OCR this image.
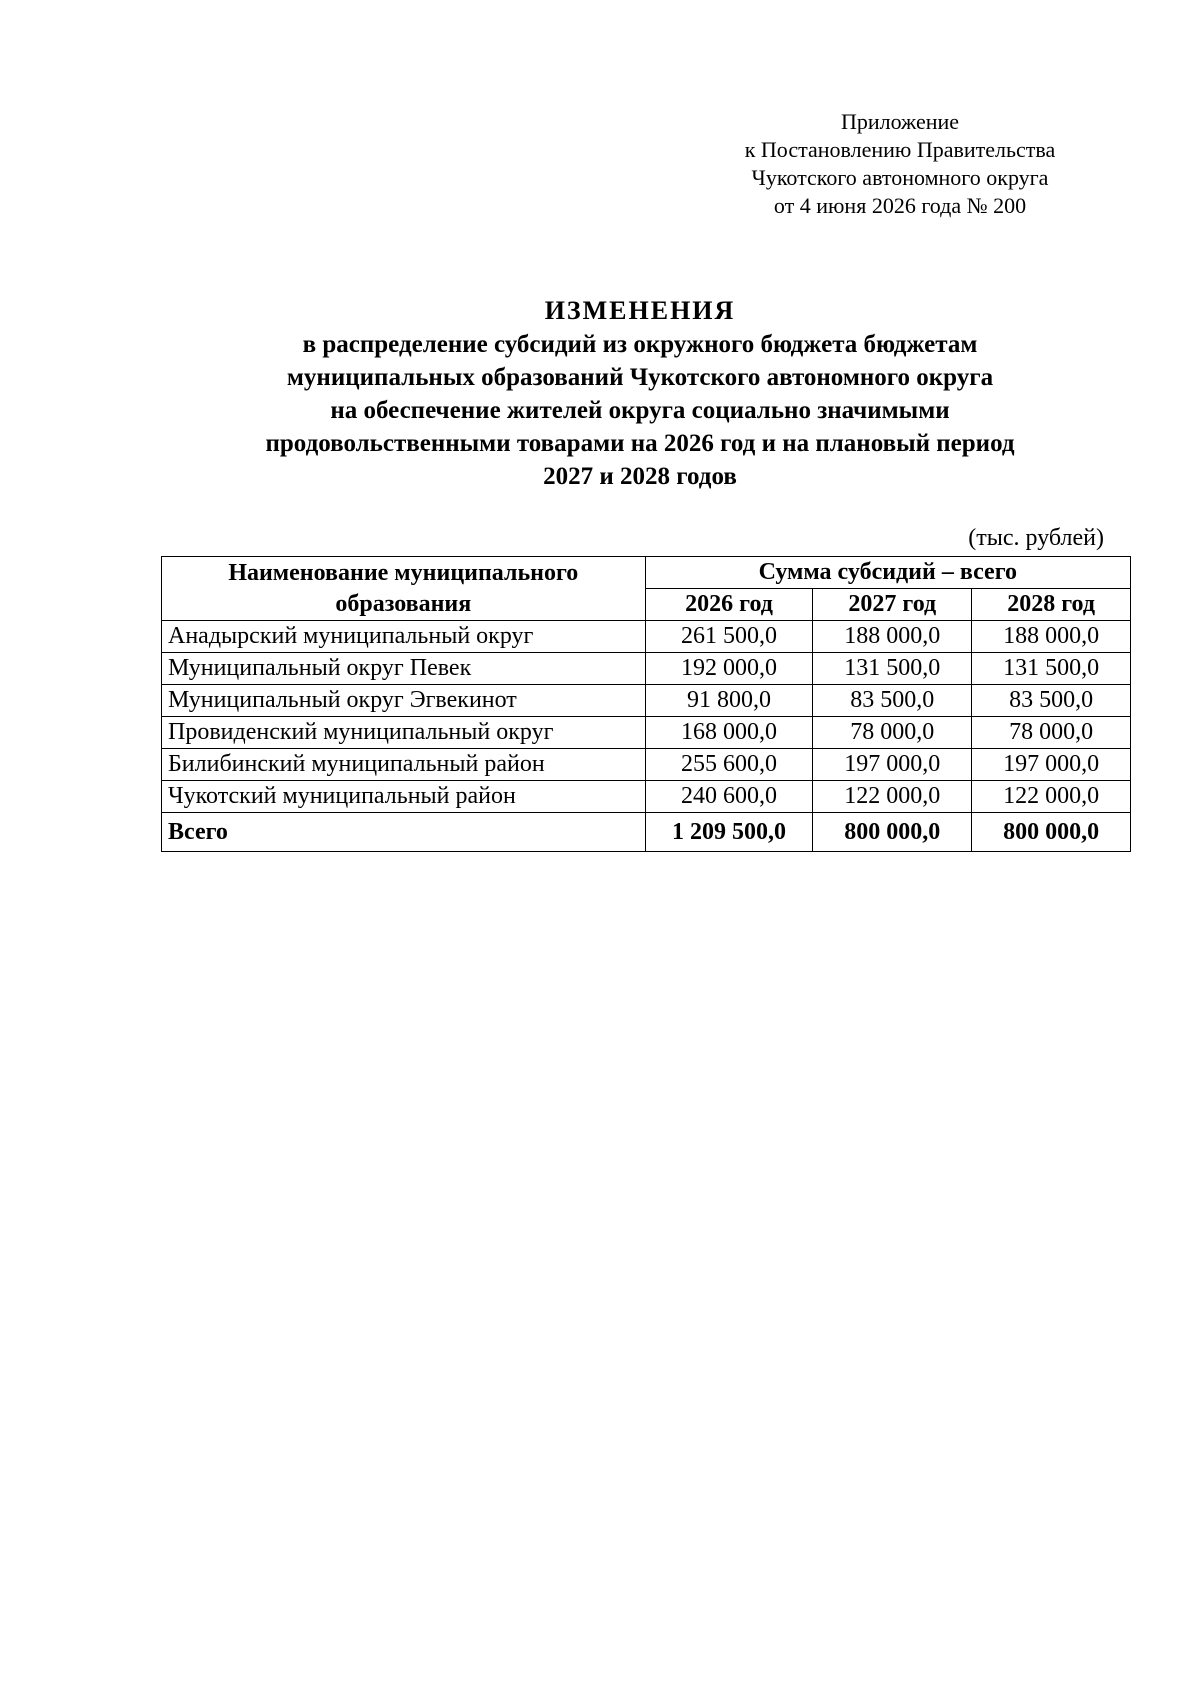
Приложение
к Постановлению Правительства
Чукотского автономного округа
от 4 июня 2026 года № 200
ИЗМЕНЕНИЯ
в распределение субсидий из окружного бюджета бюджетам
муниципальных образований Чукотского автономного округа
на обеспечение жителей округа социально значимыми
продовольственными товарами на 2026 год и на плановый период
2027 и 2028 годов
(тыс. рублей)
Наименование муниципального
образования	Сумма субсидий – всего		
	2026 год	2027 год	2028 год
Анадырский муниципальный округ	261 500,0	188 000,0	188 000,0
Муниципальный округ Певек	192 000,0	131 500,0	131 500,0
Муниципальный округ Эгвекинот	91 800,0	83 500,0	83 500,0
Провиденский муниципальный округ	168 000,0	78 000,0	78 000,0
Билибинский муниципальный район	255 600,0	197 000,0	197 000,0
Чукотский муниципальный район	240 600,0	122 000,0	122 000,0
Всего	1 209 500,0	800 000,0	800 000,0
